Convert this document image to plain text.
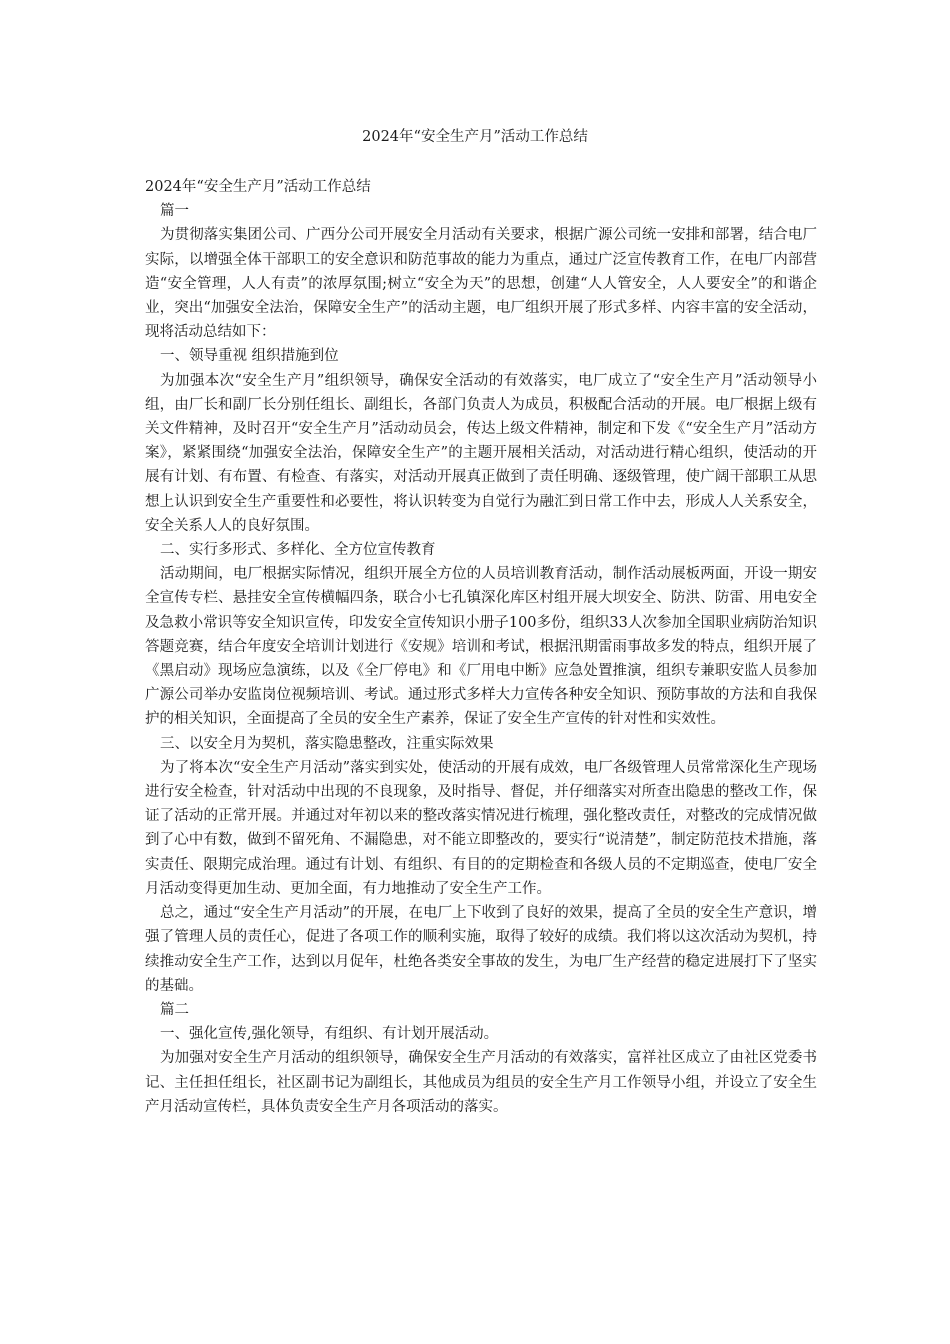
2024年“安全生产月”活动工作总结

2024年“安全生产月”活动工作总结

篇一

为贯彻落实集团公司、广西分公司开展安全月活动有关要求，根据广源公司统一安排和部署，结合电厂实际，以增强全体干部职工的安全意识和防范事故的能力为重点，通过广泛宣传教育工作，在电厂内部营造“安全管理，人人有责”的浓厚氛围;树立“安全为天”的思想，创建“人人管安全，人人要安全”的和谐企业，突出“加强安全法治，保障安全生产”的活动主题，电厂组织开展了形式多样、内容丰富的安全活动，现将活动总结如下：

一、领导重视 组织措施到位

为加强本次“安全生产月”组织领导，确保安全活动的有效落实，电厂成立了“安全生产月”活动领导小组，由厂长和副厂长分别任组长、副组长，各部门负责人为成员，积极配合活动的开展。电厂根据上级有关文件精神，及时召开“安全生产月”活动动员会，传达上级文件精神，制定和下发《“安全生产月”活动方案》，紧紧围绕“加强安全法治，保障安全生产”的主题开展相关活动，对活动进行精心组织，使活动的开展有计划、有布置、有检查、有落实，对活动开展真正做到了责任明确、逐级管理，使广阔干部职工从思想上认识到安全生产重要性和必要性，将认识转变为自觉行为融汇到日常工作中去，形成人人关系安全，安全关系人人的良好氛围。

二、实行多形式、多样化、全方位宣传教育

活动期间，电厂根据实际情况，组织开展全方位的人员培训教育活动，制作活动展板两面，开设一期安全宣传专栏、悬挂安全宣传横幅四条，联合小七孔镇深化库区村组开展大坝安全、防洪、防雷、用电安全及急救小常识等安全知识宣传，印发安全宣传知识小册子100多份，组织33人次参加全国职业病防治知识答题竞赛，结合年度安全培训计划进行《安规》培训和考试，根据汛期雷雨事故多发的特点，组织开展了《黑启动》现场应急演练，以及《全厂停电》和《厂用电中断》应急处置推演，组织专兼职安监人员参加广源公司举办安监岗位视频培训、考试。通过形式多样大力宣传各种安全知识、预防事故的方法和自我保护的相关知识，全面提高了全员的安全生产素养，保证了安全生产宣传的针对性和实效性。

三、以安全月为契机，落实隐患整改，注重实际效果

为了将本次“安全生产月活动”落实到实处，使活动的开展有成效，电厂各级管理人员常常深化生产现场进行安全检查，针对活动中出现的不良现象，及时指导、督促，并仔细落实对所查出隐患的整改工作，保证了活动的正常开展。并通过对年初以来的整改落实情况进行梳理，强化整改责任，对整改的完成情况做到了心中有数，做到不留死角、不漏隐患，对不能立即整改的，要实行“说清楚”，制定防范技术措施，落实责任、限期完成治理。通过有计划、有组织、有目的的定期检查和各级人员的不定期巡查，使电厂安全月活动变得更加生动、更加全面，有力地推动了安全生产工作。

总之，通过“安全生产月活动”的开展，在电厂上下收到了良好的效果，提高了全员的安全生产意识，增强了管理人员的责任心，促进了各项工作的顺利实施，取得了较好的成绩。我们将以这次活动为契机，持续推动安全生产工作，达到以月促年，杜绝各类安全事故的发生，为电厂生产经营的稳定进展打下了坚实的基础。

篇二

一、强化宣传,强化领导，有组织、有计划开展活动。

为加强对安全生产月活动的组织领导，确保安全生产月活动的有效落实，富祥社区成立了由社区党委书记、主任担任组长，社区副书记为副组长，其他成员为组员的安全生产月工作领导小组，并设立了安全生产月活动宣传栏，具体负责安全生产月各项活动的落实。
